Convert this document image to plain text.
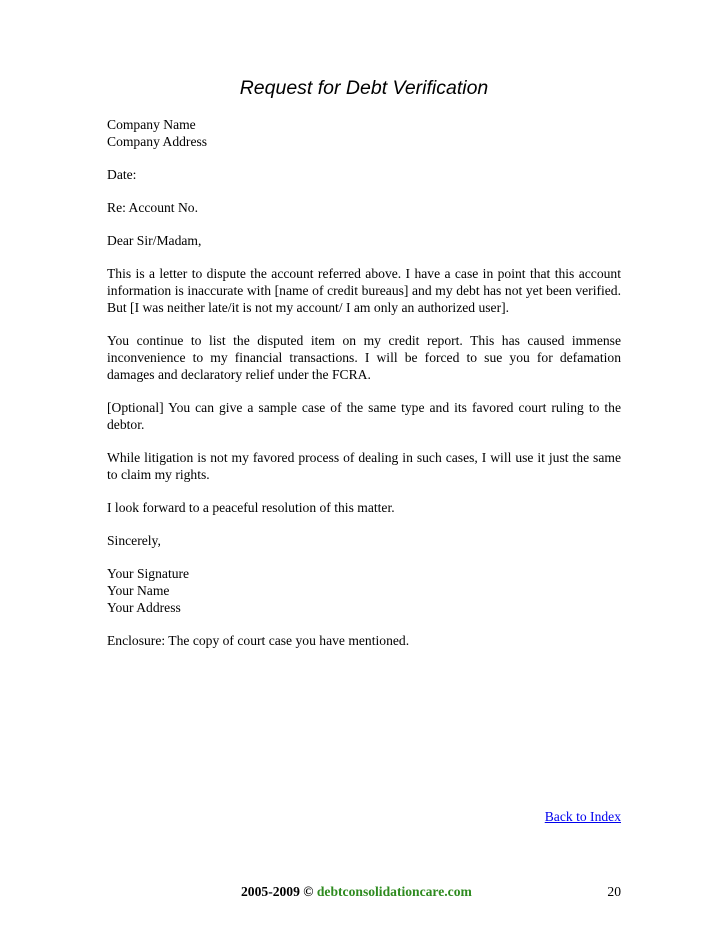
Request for Debt Verification
Company Name
Company Address
Date:
Re: Account No.
Dear Sir/Madam,

This is a letter to dispute the account referred above. I have a case in point that this account information is inaccurate with [name of credit bureaus] and my debt has not yet been verified. But [I was neither late/it is not my account/ I am only an authorized user].

You continue to list the disputed item on my credit report. This has caused immense inconvenience to my financial transactions. I will be forced to sue you for defamation damages and declaratory relief under the FCRA.

[Optional] You can give a sample case of the same type and its favored court ruling to the debtor.

While litigation is not my favored process of dealing in such cases, I will use it just the same to claim my rights.

I look forward to a peaceful resolution of this matter.

Sincerely,
Your Signature
Your Name
Your Address
Enclosure: The copy of court case you have mentioned.
Back to Index
2005-2009 © debtconsolidationcare.com	20
